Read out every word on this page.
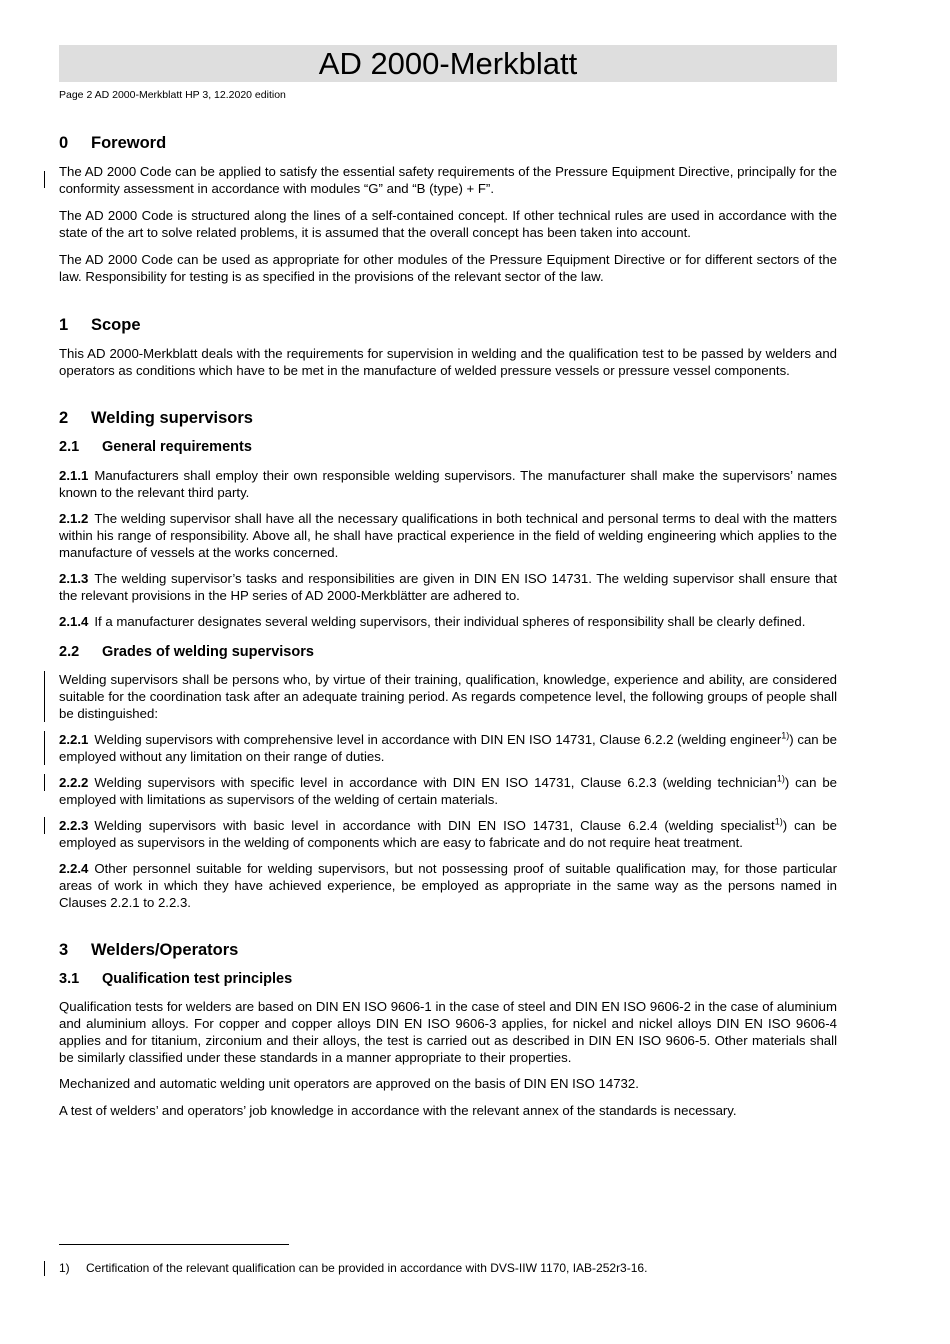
AD 2000-Merkblatt
Page 2 AD 2000-Merkblatt HP 3, 12.2020 edition
0 Foreword

The AD 2000 Code can be applied to satisfy the essential safety requirements of the Pressure Equipment Directive, principally for the conformity assessment in accordance with modules “G” and “B (type) + F”.

The AD 2000 Code is structured along the lines of a self-contained concept. If other technical rules are used in accordance with the state of the art to solve related problems, it is assumed that the overall concept has been taken into account.

The AD 2000 Code can be used as appropriate for other modules of the Pressure Equipment Directive or for different sectors of the law. Responsibility for testing is as specified in the provisions of the relevant sector of the law.

1 Scope

This AD 2000-Merkblatt deals with the requirements for supervision in welding and the qualification test to be passed by welders and operators as conditions which have to be met in the manufacture of welded pressure vessels or pressure vessel components.

2 Welding supervisors
2.1 General requirements

2.1.1 Manufacturers shall employ their own responsible welding supervisors. The manufacturer shall make the supervisors’ names known to the relevant third party.

2.1.2 The welding supervisor shall have all the necessary qualifications in both technical and personal terms to deal with the matters within his range of responsibility. Above all, he shall have practical experience in the field of welding engineering which applies to the manufacture of vessels at the works concerned.

2.1.3 The welding supervisor’s tasks and responsibilities are given in DIN EN ISO 14731. The welding supervisor shall ensure that the relevant provisions in the HP series of AD 2000-Merkblätter are adhered to.

2.1.4 If a manufacturer designates several welding supervisors, their individual spheres of responsibility shall be clearly defined.

2.2 Grades of welding supervisors

Welding supervisors shall be persons who, by virtue of their training, qualification, knowledge, experience and ability, are considered suitable for the coordination task after an adequate training period. As regards competence level, the following groups of people shall be distinguished:

2.2.1 Welding supervisors with comprehensive level in accordance with DIN EN ISO 14731, Clause 6.2.2 (welding engineer$^{1)}$) can be employed without any limitation on their range of duties.

2.2.2 Welding supervisors with specific level in accordance with DIN EN ISO 14731, Clause 6.2.3 (welding technician$^{1)}$) can be employed with limitations as supervisors of the welding of certain materials.

2.2.3 Welding supervisors with basic level in accordance with DIN EN ISO 14731, Clause 6.2.4 (welding specialist$^{1)}$) can be employed as supervisors in the welding of components which are easy to fabricate and do not require heat treatment.

2.2.4 Other personnel suitable for welding supervisors, but not possessing proof of suitable qualification may, for those particular areas of work in which they have achieved experience, be employed as appropriate in the same way as the persons named in Clauses 2.2.1 to 2.2.3.

3 Welders/Operators
3.1 Qualification test principles

Qualification tests for welders are based on DIN EN ISO 9606-1 in the case of steel and DIN EN ISO 9606-2 in the case of aluminium and aluminium alloys. For copper and copper alloys DIN EN ISO 9606-3 applies, for nickel and nickel alloys DIN EN ISO 9606-4 applies and for titanium, zirconium and their alloys, the test is carried out as described in DIN EN ISO 9606-5. Other materials shall be similarly classified under these standards in a manner appropriate to their properties.

Mechanized and automatic welding unit operators are approved on the basis of DIN EN ISO 14732.

A test of welders’ and operators’ job knowledge in accordance with the relevant annex of the standards is necessary.

1) Certification of the relevant qualification can be provided in accordance with DVS-IIW 1170, IAB-252r3-16.
